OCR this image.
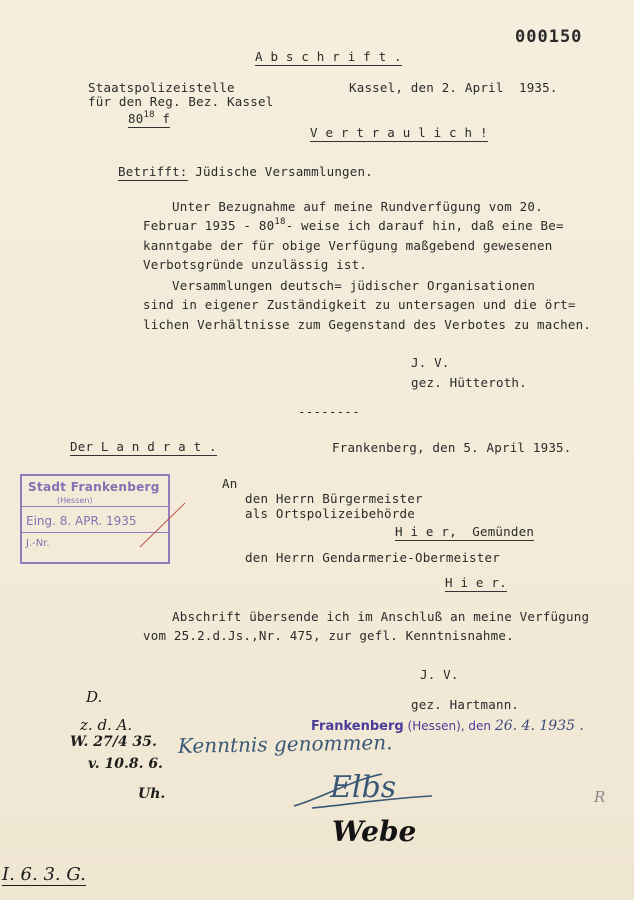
000150
A b s c h r i f t .
Staatspolizeistelle
für den Reg. Bez. Kassel
$80^{18}$ f
Kassel, den 2. April  1935.
V e r t r a u l i c h !
Betrifft: Jüdische Versammlungen.
Unter Bezugnahme auf meine Rundverfügung vom 20.
Februar $1935 - 80^{18}-$ weise ich darauf hin, daß eine Be=
kanntgabe der für obige Verfügung maßgebend gewesenen
Verbotsgründe unzulässig ist.
Versammlungen deutsch= jüdischer Organisationen
sind in eigener Zuständigkeit zu untersagen und die ört=
lichen Verhältnisse zum Gegenstand des Verbotes zu machen.
J. V.
gez. Hütteroth.
--------
Der L a n d r a t .	Frankenberg, den 5. April 1935.
An
den Herrn Bürgermeister
als Ortspolizeibehörde
H i e r,  Gemünden
den Herrn Gendarmerie-Obermeister
H i e r.
Abschrift übersende ich im Anschluß an meine Verfügung
vom 25.2.d.Js.,Nr. 475, zur gefl. Kenntnisnahme.
J. V.
gez. Hartmann.
Stadt Frankenberg
(Hessen)
Eing. 8. APR. 1935
J.-Nr.
Frankenberg (Hessen), den 26. 4. 1935 .
Kenntnis genommen.
Elbs
Webe
D.
z. d. A.
W. 27/4 35.
v. 10.8. 6.
Uh.
I. 6. 3. G.
R
